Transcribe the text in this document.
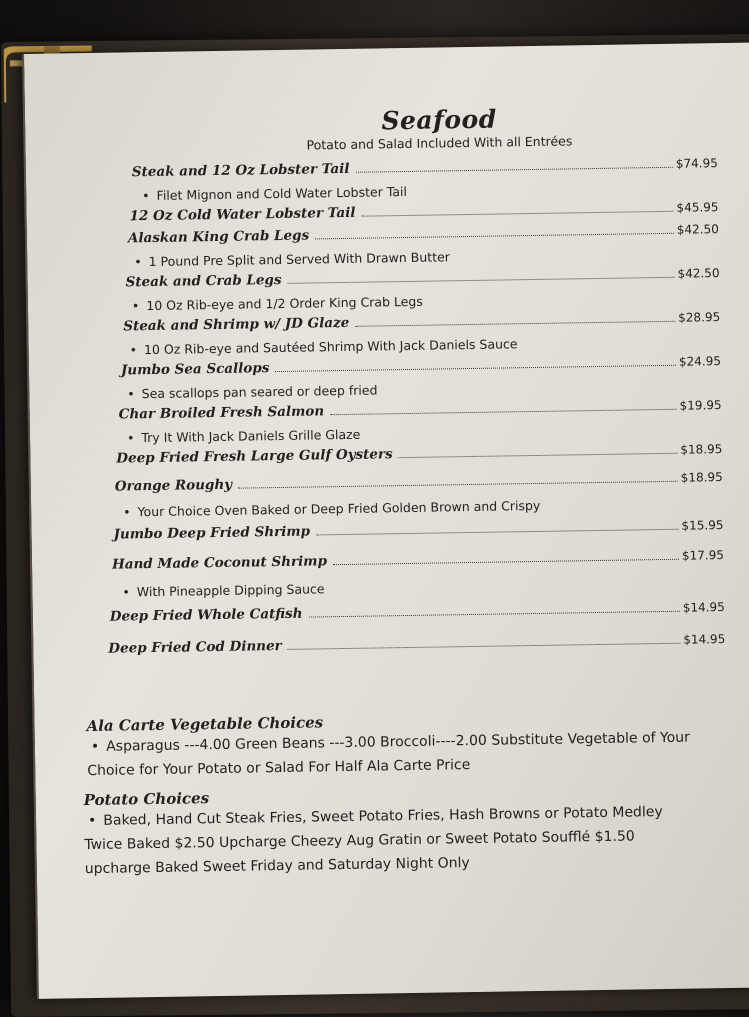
Seafood
Potato and Salad Included With all Entrées
Steak and 12 Oz Lobster Tail	$74.95
• Filet Mignon and Cold Water Lobster Tail
12 Oz Cold Water Lobster Tail	$45.95
Alaskan King Crab Legs	$42.50
• 1 Pound Pre Split and Served With Drawn Butter
Steak and Crab Legs	$42.50
• 10 Oz Rib-eye and 1/2 Order King Crab Legs
Steak and Shrimp w/ JD Glaze	$28.95
• 10 Oz Rib-eye and Sautéed Shrimp With Jack Daniels Sauce
Jumbo Sea Scallops	$24.95
• Sea scallops pan seared or deep fried
Char Broiled Fresh Salmon	$19.95
• Try It With Jack Daniels Grille Glaze
Deep Fried Fresh Large Gulf Oysters	$18.95
Orange Roughy	$18.95
• Your Choice Oven Baked or Deep Fried Golden Brown and Crispy
Jumbo Deep Fried Shrimp	$15.95
Hand Made Coconut Shrimp	$17.95
• With Pineapple Dipping Sauce
Deep Fried Whole Catfish	$14.95
Deep Fried Cod Dinner	$14.95
Ala Carte Vegetable Choices
• Asparagus ---4.00 Green Beans ---3.00 Broccoli----2.00 Substitute Vegetable of Your
Choice for Your Potato or Salad For Half Ala Carte Price
Potato Choices
• Baked, Hand Cut Steak Fries, Sweet Potato Fries, Hash Browns or Potato Medley
Twice Baked $2.50 Upcharge Cheezy Aug Gratin or Sweet Potato Soufflé $1.50
upcharge Baked Sweet Friday and Saturday Night Only
